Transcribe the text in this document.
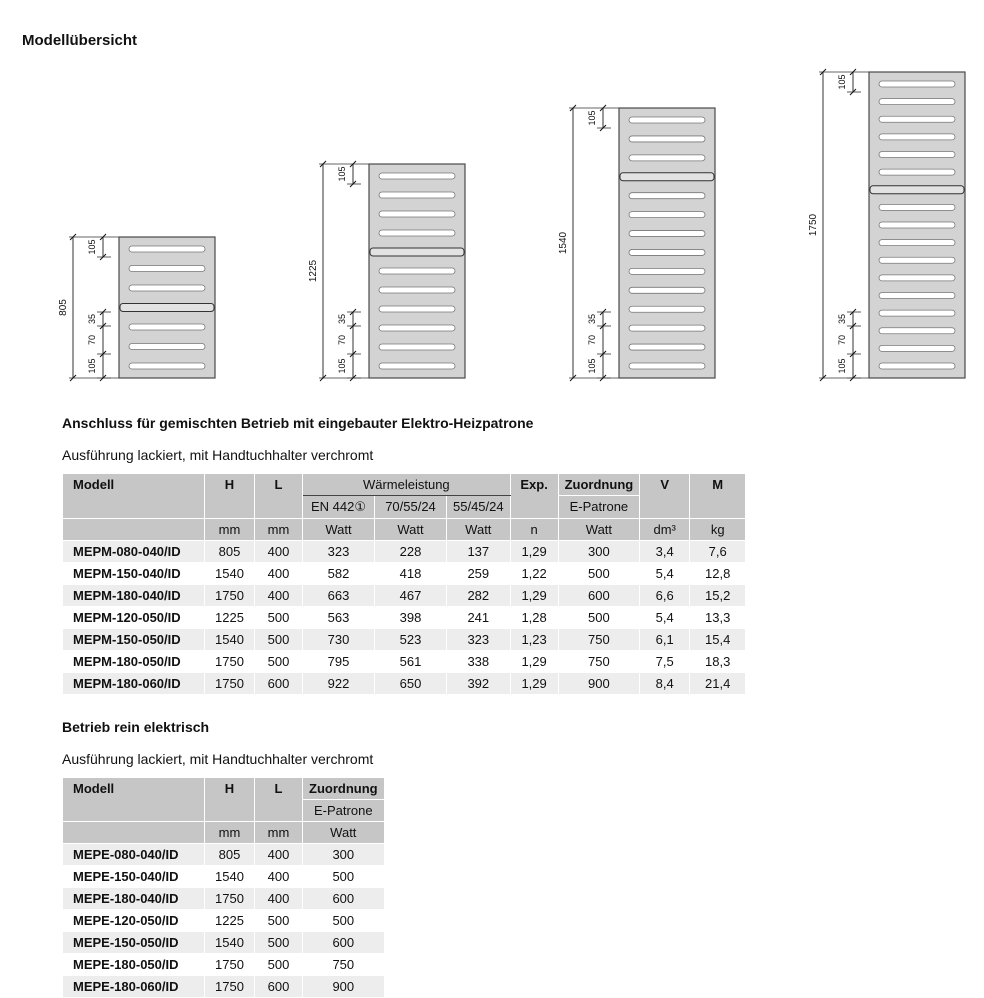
Modellübersicht
805
105
105
70
35
1225
105
105
70
35
1540
105
105
70
35
1750
105
105
70
35
Anschluss für gemischten Betrieb mit eingebauter Elektro-Heizpatrone

Ausführung lackiert, mit Handtuchhalter verchromt

Modell	H	L	Wärmeleistung			Exp.	Zuordnung	V	M
			EN 442①	70/55/24	55/45/24		E-Patrone		
	mm	mm	Watt	Watt	Watt	n	Watt	dm³	kg
MEPM-080-040/ID	805	400	323	228	137	1,29	300	3,4	7,6
MEPM-150-040/ID	1540	400	582	418	259	1,22	500	5,4	12,8
MEPM-180-040/ID	1750	400	663	467	282	1,29	600	6,6	15,2
MEPM-120-050/ID	1225	500	563	398	241	1,28	500	5,4	13,3
MEPM-150-050/ID	1540	500	730	523	323	1,23	750	6,1	15,4
MEPM-180-050/ID	1750	500	795	561	338	1,29	750	7,5	18,3
MEPM-180-060/ID	1750	600	922	650	392	1,29	900	8,4	21,4
Betrieb rein elektrisch

Ausführung lackiert, mit Handtuchhalter verchromt

Modell	H	L	Zuordnung
			E-Patrone
	mm	mm	Watt
MEPE-080-040/ID	805	400	300
MEPE-150-040/ID	1540	400	500
MEPE-180-040/ID	1750	400	600
MEPE-120-050/ID	1225	500	500
MEPE-150-050/ID	1540	500	600
MEPE-180-050/ID	1750	500	750
MEPE-180-060/ID	1750	600	900
